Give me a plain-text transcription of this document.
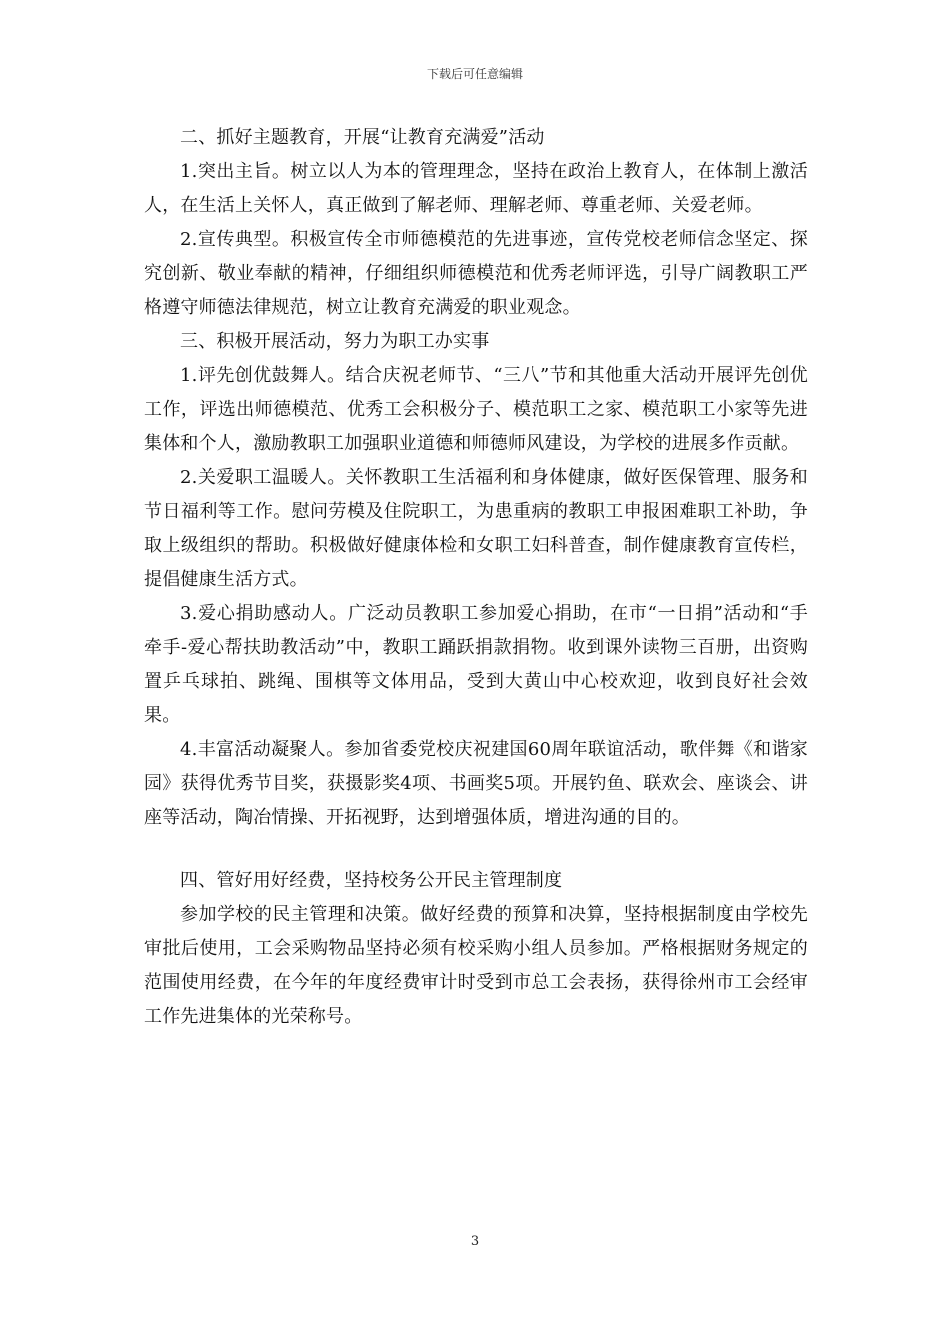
下载后可任意编辑

二、抓好主题教育，开展“让教育充满爱”活动

1.突出主旨。树立以人为本的管理理念，坚持在政治上教育人，在体制上激活人，在生活上关怀人，真正做到了解老师、理解老师、尊重老师、关爱老师。

2.宣传典型。积极宣传全市师德模范的先进事迹，宣传党校老师信念坚定、探究创新、敬业奉献的精神，仔细组织师德模范和优秀老师评选，引导广阔教职工严格遵守师德法律规范，树立让教育充满爱的职业观念。

三、积极开展活动，努力为职工办实事

1.评先创优鼓舞人。结合庆祝老师节、“三八”节和其他重大活动开展评先创优工作，评选出师德模范、优秀工会积极分子、模范职工之家、模范职工小家等先进集体和个人，激励教职工加强职业道德和师德师风建设，为学校的进展多作贡献。

2.关爱职工温暖人。关怀教职工生活福利和身体健康，做好医保管理、服务和节日福利等工作。慰问劳模及住院职工，为患重病的教职工申报困难职工补助，争取上级组织的帮助。积极做好健康体检和女职工妇科普查，制作健康教育宣传栏，提倡健康生活方式。

3.爱心捐助感动人。广泛动员教职工参加爱心捐助，在市“一日捐”活动和“手牵手-爱心帮扶助教活动”中，教职工踊跃捐款捐物。收到课外读物三百册，出资购置乒乓球拍、跳绳、围棋等文体用品，受到大黄山中心校欢迎，收到良好社会效果。

4.丰富活动凝聚人。参加省委党校庆祝建国60周年联谊活动，歌伴舞《和谐家园》获得优秀节目奖，获摄影奖4项、书画奖5项。开展钓鱼、联欢会、座谈会、讲座等活动，陶冶情操、开拓视野，达到增强体质，增进沟通的目的。

四、管好用好经费，坚持校务公开民主管理制度

参加学校的民主管理和决策。做好经费的预算和决算，坚持根据制度由学校先审批后使用，工会采购物品坚持必须有校采购小组人员参加。严格根据财务规定的范围使用经费，在今年的年度经费审计时受到市总工会表扬，获得徐州市工会经审工作先进集体的光荣称号。

3
